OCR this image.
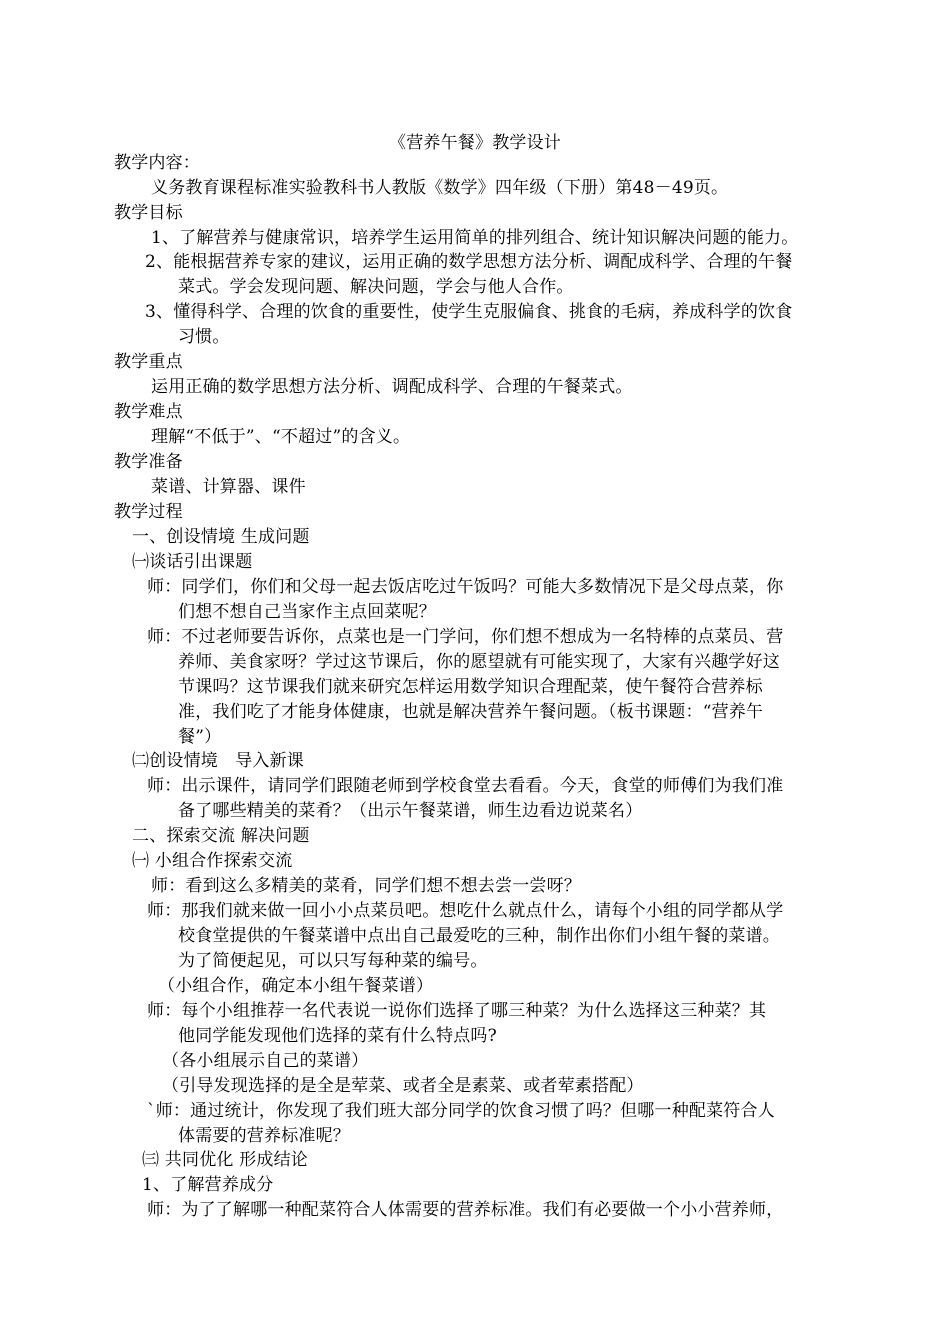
《营养午餐》教学设计
教学内容：
义务教育课程标准实验教科书人教版《数学》四年级（下册）第48－49页。
教学目标
1、了解营养与健康常识，培养学生运用简单的排列组合、统计知识解决问题的能力。
2、能根据营养专家的建议，运用正确的数学思想方法分析、调配成科学、合理的午餐
菜式。学会发现问题、解决问题，学会与他人合作。
3、懂得科学、合理的饮食的重要性，使学生克服偏食、挑食的毛病，养成科学的饮食
习惯。
教学重点
运用正确的数学思想方法分析、调配成科学、合理的午餐菜式。
教学难点
理解“不低于”、“不超过”的含义。
教学准备
菜谱、计算器、课件
教学过程
一、创设情境 生成问题
㈠谈话引出课题
师：同学们，你们和父母一起去饭店吃过午饭吗？可能大多数情况下是父母点菜，你
们想不想自己当家作主点回菜呢？
师：不过老师要告诉你，点菜也是一门学问，你们想不想成为一名特棒的点菜员、营
养师、美食家呀？学过这节课后，你的愿望就有可能实现了，大家有兴趣学好这
节课吗？这节课我们就来研究怎样运用数学知识合理配菜，使午餐符合营养标
准，我们吃了才能身体健康，也就是解决营养午餐问题。（板书课题：“营养午
餐”）
㈡创设情境　导入新课
师：出示课件，请同学们跟随老师到学校食堂去看看。今天，食堂的师傅们为我们准
备了哪些精美的菜肴？（出示午餐菜谱，师生边看边说菜名）
二、探索交流 解决问题
㈠ 小组合作探索交流
师：看到这么多精美的菜肴，同学们想不想去尝一尝呀？
师：那我们就来做一回小小点菜员吧。想吃什么就点什么，请每个小组的同学都从学
校食堂提供的午餐菜谱中点出自己最爱吃的三种，制作出你们小组午餐的菜谱。
为了简便起见，可以只写每种菜的编号。
（小组合作，确定本小组午餐菜谱）
师：每个小组推荐一名代表说一说你们选择了哪三种菜？为什么选择这三种菜？其
他同学能发现他们选择的菜有什么特点吗?
（各小组展示自己的菜谱）
（引导发现选择的是全是荤菜、或者全是素菜、或者荤素搭配）
`师：通过统计，你发现了我们班大部分同学的饮食习惯了吗？但哪一种配菜符合人
体需要的营养标准呢？
㈢ 共同优化 形成结论
1、了解营养成分
师：为了了解哪一种配菜符合人体需要的营养标准。我们有必要做一个小小营养师，
